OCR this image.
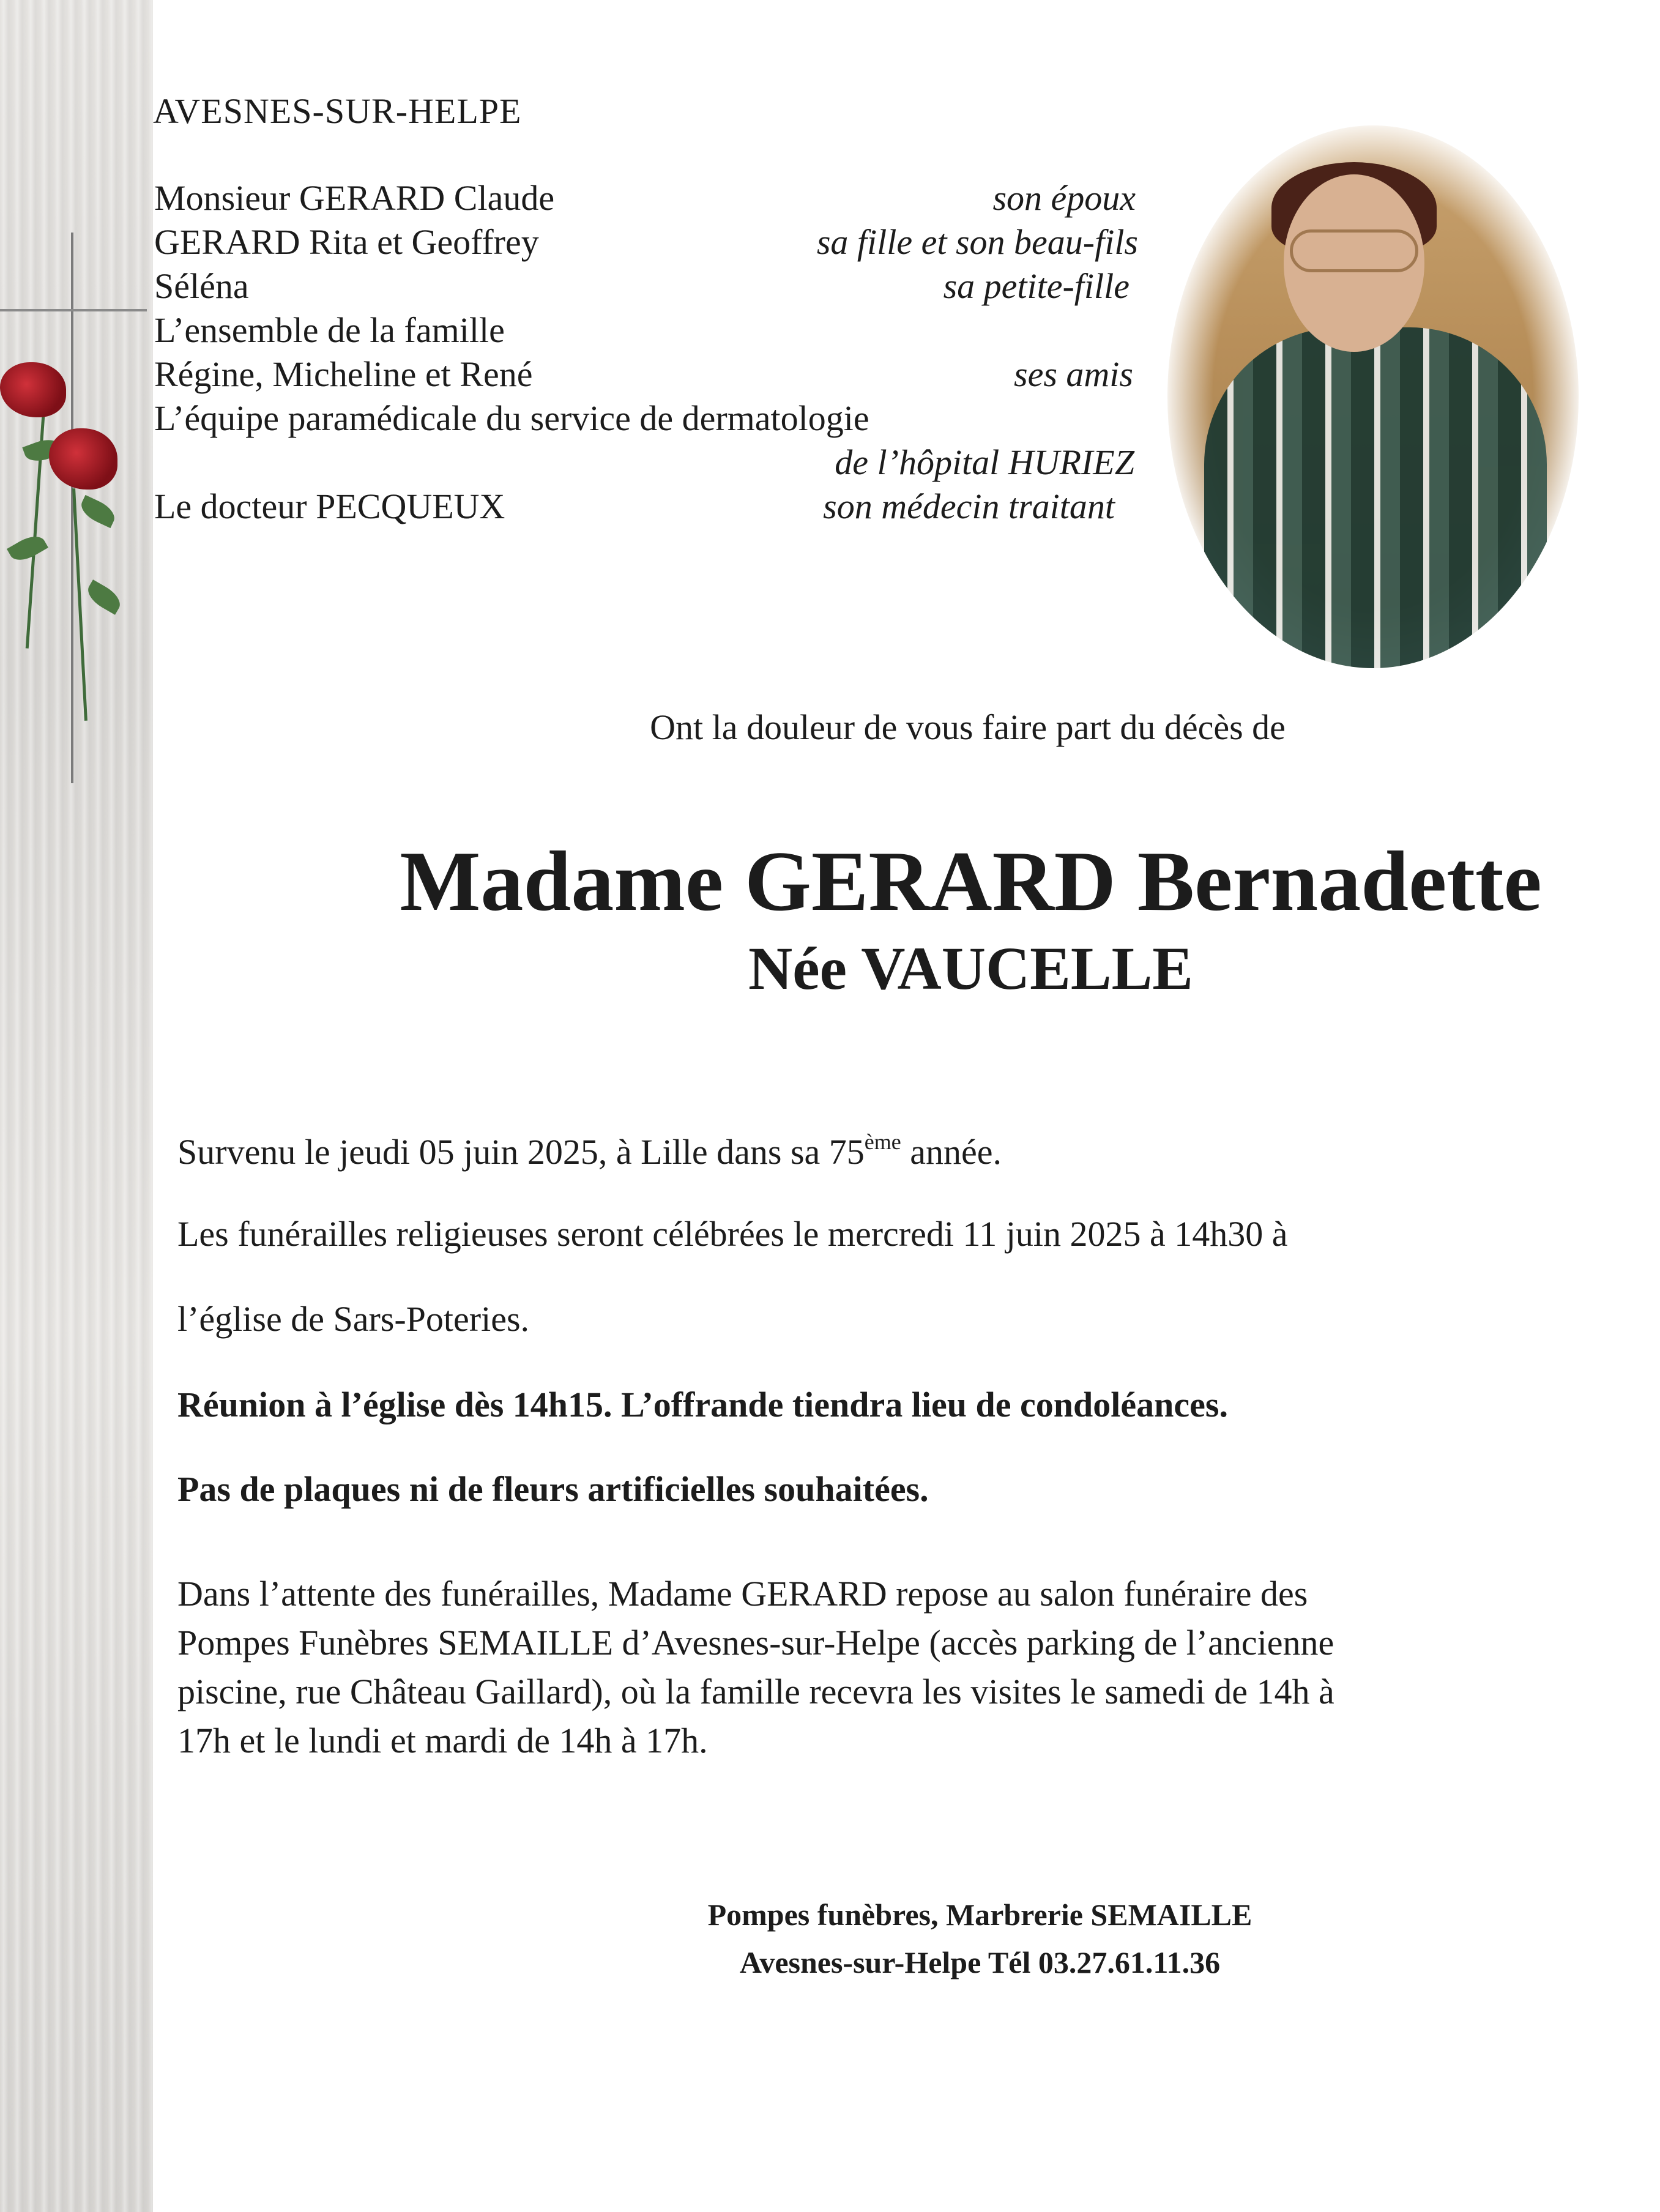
AVESNES-SUR-HELPE
Monsieur GERARD Claude	son époux
GERARD Rita et Geoffrey	sa fille et son beau-fils
Séléna	sa petite-fille
L’ensemble de la famille
Régine, Micheline et René	ses amis
L’équipe paramédicale du service de dermatologie
de l’hôpital HURIEZ
Le docteur PECQUEUX	son médecin traitant
Ont la douleur de vous faire part du décès de
Madame GERARD Bernadette
Née VAUCELLE
Survenu le jeudi 05 juin 2025, à Lille dans sa 75ème année.
Les funérailles religieuses seront célébrées le mercredi 11 juin 2025 à 14h30 à
l’église de Sars-Poteries.
Réunion à l’église dès 14h15. L’offrande tiendra lieu de condoléances.
Pas de plaques ni de fleurs artificielles souhaitées.
Dans l’attente des funérailles, Madame GERARD repose au salon funéraire des
Pompes Funèbres SEMAILLE d’Avesnes-sur-Helpe (accès parking de l’ancienne
piscine, rue Château Gaillard), où la famille recevra les visites le samedi de 14h à
17h et le lundi et mardi de 14h à 17h.
Pompes funèbres, Marbrerie SEMAILLE
Avesnes-sur-Helpe Tél 03.27.61.11.36
